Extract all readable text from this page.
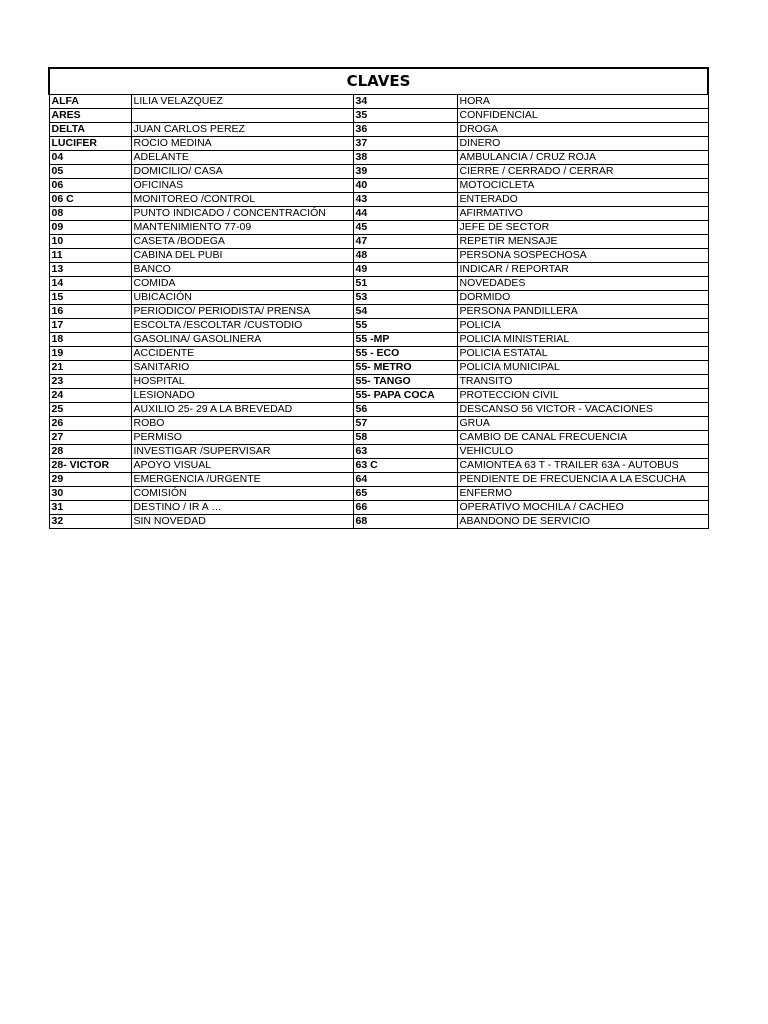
CLAVES			
ALFA	LILIA VELAZQUEZ	34	HORA
ARES		35	CONFIDENCIAL
DELTA	JUAN CARLOS PEREZ	36	DROGA
LUCIFER	ROCIO MEDINA	37	DINERO
04	ADELANTE	38	AMBULANCIA / CRUZ ROJA
05	DOMICILIO/ CASA	39	CIERRE / CERRADO / CERRAR
06	OFICINAS	40	MOTOCICLETA
06 C	MONITOREO /CONTROL	43	ENTERADO
08	PUNTO INDICADO / CONCENTRACIÓN	44	AFIRMATIVO
09	MANTENIMIENTO 77-09	45	JEFE DE SECTOR
10	CASETA /BODEGA	47	REPETIR MENSAJE
11	CABINA DEL PUBI	48	PERSONA SOSPECHOSA
13	BANCO	49	INDICAR / REPORTAR
14	COMIDA	51	NOVEDADES
15	UBICACIÓN	53	DORMIDO
16	PERIODICO/ PERIODISTA/ PRENSA	54	PERSONA PANDILLERA
17	ESCOLTA /ESCOLTAR /CUSTODIO	55	POLICIA
18	GASOLINA/ GASOLINERA	55 -MP	POLICIA MINISTERIAL
19	ACCIDENTE	55 - ECO	POLICIA ESTATAL
21	SANITARIO	55- METRO	POLICIA MUNICIPAL
23	HOSPITAL	55- TANGO	TRANSITO
24	LESIONADO	55- PAPA COCA	PROTECCION CIVIL
25	AUXILIO 25- 29 A LA BREVEDAD	56	DESCANSO 56 VICTOR - VACACIONES
26	ROBO	57	GRUA
27	PERMISO	58	CAMBIO DE CANAL FRECUENCIA
28	INVESTIGAR /SUPERVISAR	63	VEHICULO
28- VICTOR	APOYO VISUAL	63 C	CAMIONTEA 63 T - TRAILER 63A - AUTOBUS
29	EMERGENCIA /URGENTE	64	PENDIENTE DE FRECUENCIA A LA ESCUCHA
30	COMISIÓN	65	ENFERMO
31	DESTINO / IR A …	66	OPERATIVO MOCHILA / CACHEO
32	SIN NOVEDAD	68	ABANDONO DE SERVICIO
